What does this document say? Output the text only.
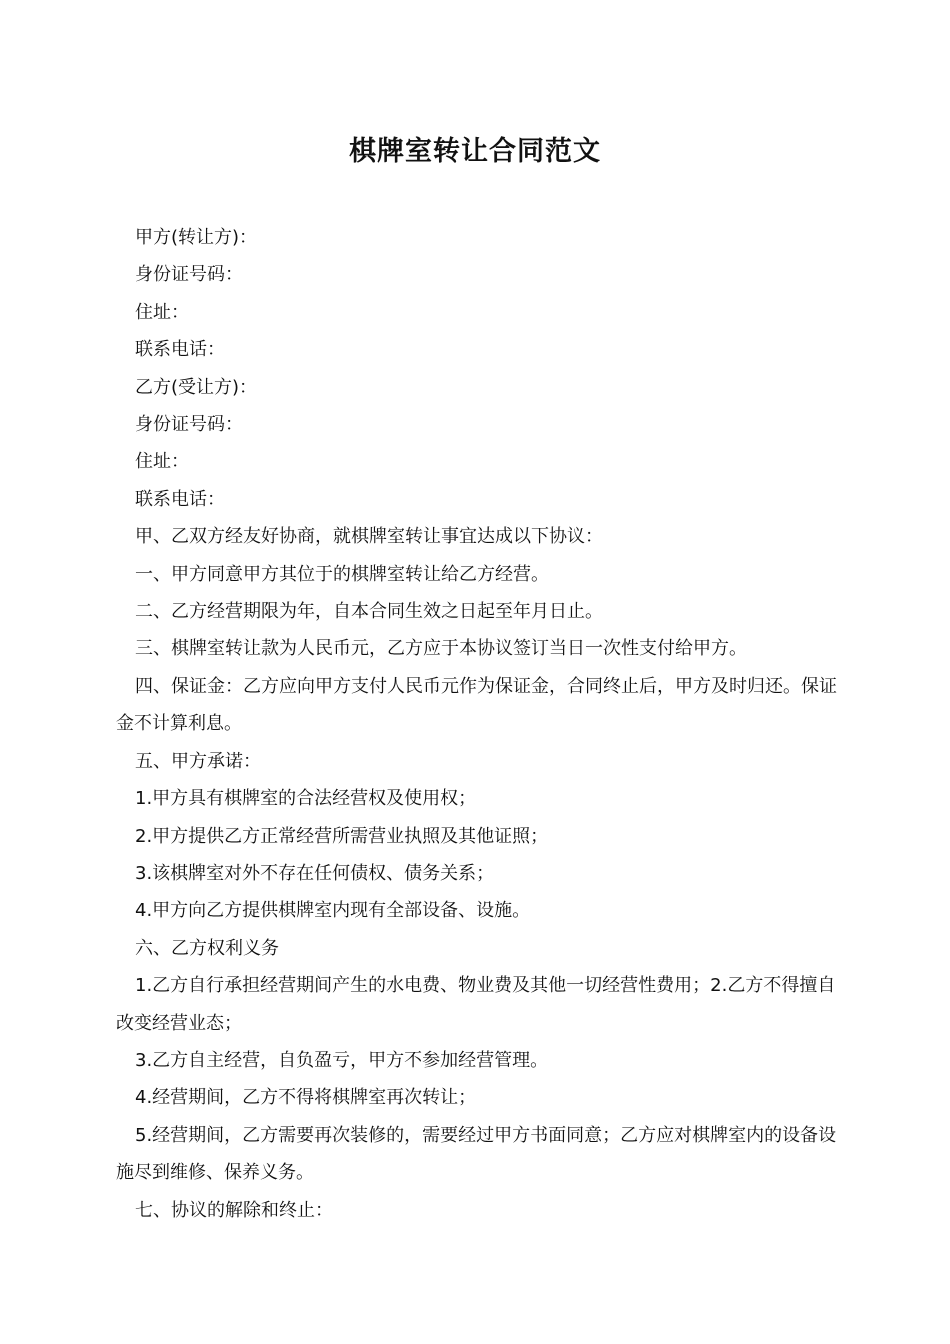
棋牌室转让合同范文

甲方(转让方)：

身份证号码：

住址：

联系电话：

乙方(受让方)：

身份证号码：

住址：

联系电话：

甲、乙双方经友好协商，就棋牌室转让事宜达成以下协议：

一、甲方同意甲方其位于的棋牌室转让给乙方经营。

二、乙方经营期限为年，自本合同生效之日起至年月日止。

三、棋牌室转让款为人民币元，乙方应于本协议签订当日一次性支付给甲方。

四、保证金：乙方应向甲方支付人民币元作为保证金，合同终止后，甲方及时归还。保证金不计算利息。

五、甲方承诺：

1.甲方具有棋牌室的合法经营权及使用权；

2.甲方提供乙方正常经营所需营业执照及其他证照；

3.该棋牌室对外不存在任何债权、债务关系；

4.甲方向乙方提供棋牌室内现有全部设备、设施。

六、乙方权利义务

1.乙方自行承担经营期间产生的水电费、物业费及其他一切经营性费用；2.乙方不得擅自改变经营业态；

3.乙方自主经营，自负盈亏，甲方不参加经营管理。

4.经营期间，乙方不得将棋牌室再次转让；

5.经营期间，乙方需要再次装修的，需要经过甲方书面同意；乙方应对棋牌室内的设备设施尽到维修、保养义务。

七、协议的解除和终止：
